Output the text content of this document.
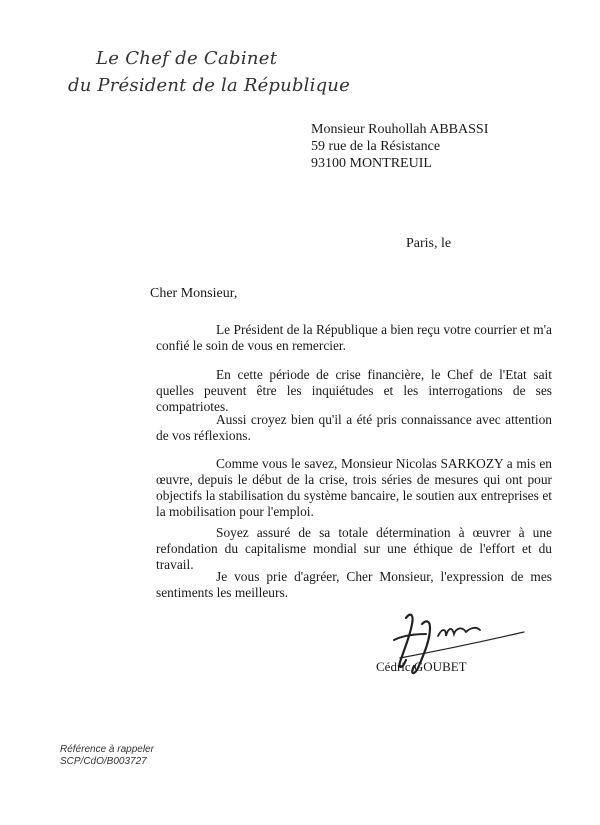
Le Chef de Cabinet
du Président de la République
Monsieur Rouhollah ABBASSI
59 rue de la Résistance
93100 MONTREUIL
Paris, le
Cher Monsieur,

Le Président de la République a bien reçu votre courrier et m'a confié le soin de vous en remercier.

En cette période de crise financière, le Chef de l'Etat sait quelles peuvent être les inquiétudes et les interrogations de ses compatriotes.

Aussi croyez bien qu'il a été pris connaissance avec attention de vos réflexions.

Comme vous le savez, Monsieur Nicolas SARKOZY a mis en œuvre, depuis le début de la crise, trois séries de mesures qui ont pour objectifs la stabilisation du système bancaire, le soutien aux entreprises et la mobilisation pour l'emploi.

Soyez assuré de sa totale détermination à œuvrer à une refondation du capitalisme mondial sur une éthique de l'effort et du travail.

Je vous prie d'agréer, Cher Monsieur, l'expression de mes sentiments les meilleurs.

Cédric GOUBET
Référence à rappeler
SCP/CdO/B003727
